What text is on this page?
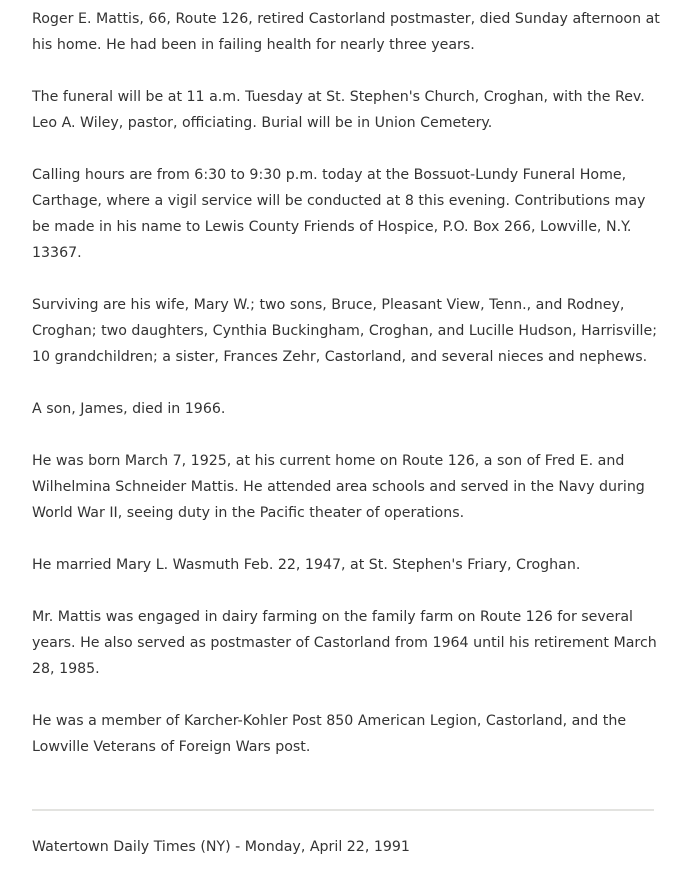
Roger E. Mattis, 66, Route 126, retired Castorland postmaster, died Sunday afternoon at his home. He had been in failing health for nearly three years.

The funeral will be at 11 a.m. Tuesday at St. Stephen's Church, Croghan, with the Rev. Leo A. Wiley, pastor, officiating. Burial will be in Union Cemetery.

Calling hours are from 6:30 to 9:30 p.m. today at the Bossuot-Lundy Funeral Home, Carthage, where a vigil service will be conducted at 8 this evening. Contributions may be made in his name to Lewis County Friends of Hospice, P.O. Box 266, Lowville, N.Y. 13367.

Surviving are his wife, Mary W.; two sons, Bruce, Pleasant View, Tenn., and Rodney, Croghan; two daughters, Cynthia Buckingham, Croghan, and Lucille Hudson, Harrisville; 10 grandchildren; a sister, Frances Zehr, Castorland, and several nieces and nephews.

A son, James, died in 1966.

He was born March 7, 1925, at his current home on Route 126, a son of Fred E. and Wilhelmina Schneider Mattis. He attended area schools and served in the Navy during World War II, seeing duty in the Pacific theater of operations.

He married Mary L. Wasmuth Feb. 22, 1947, at St. Stephen's Friary, Croghan.

Mr. Mattis was engaged in dairy farming on the family farm on Route 126 for several years. He also served as postmaster of Castorland from 1964 until his retirement March 28, 1985.

He was a member of Karcher-Kohler Post 850 American Legion, Castorland, and the Lowville Veterans of Foreign Wars post.

Watertown Daily Times (NY) - Monday, April 22, 1991
